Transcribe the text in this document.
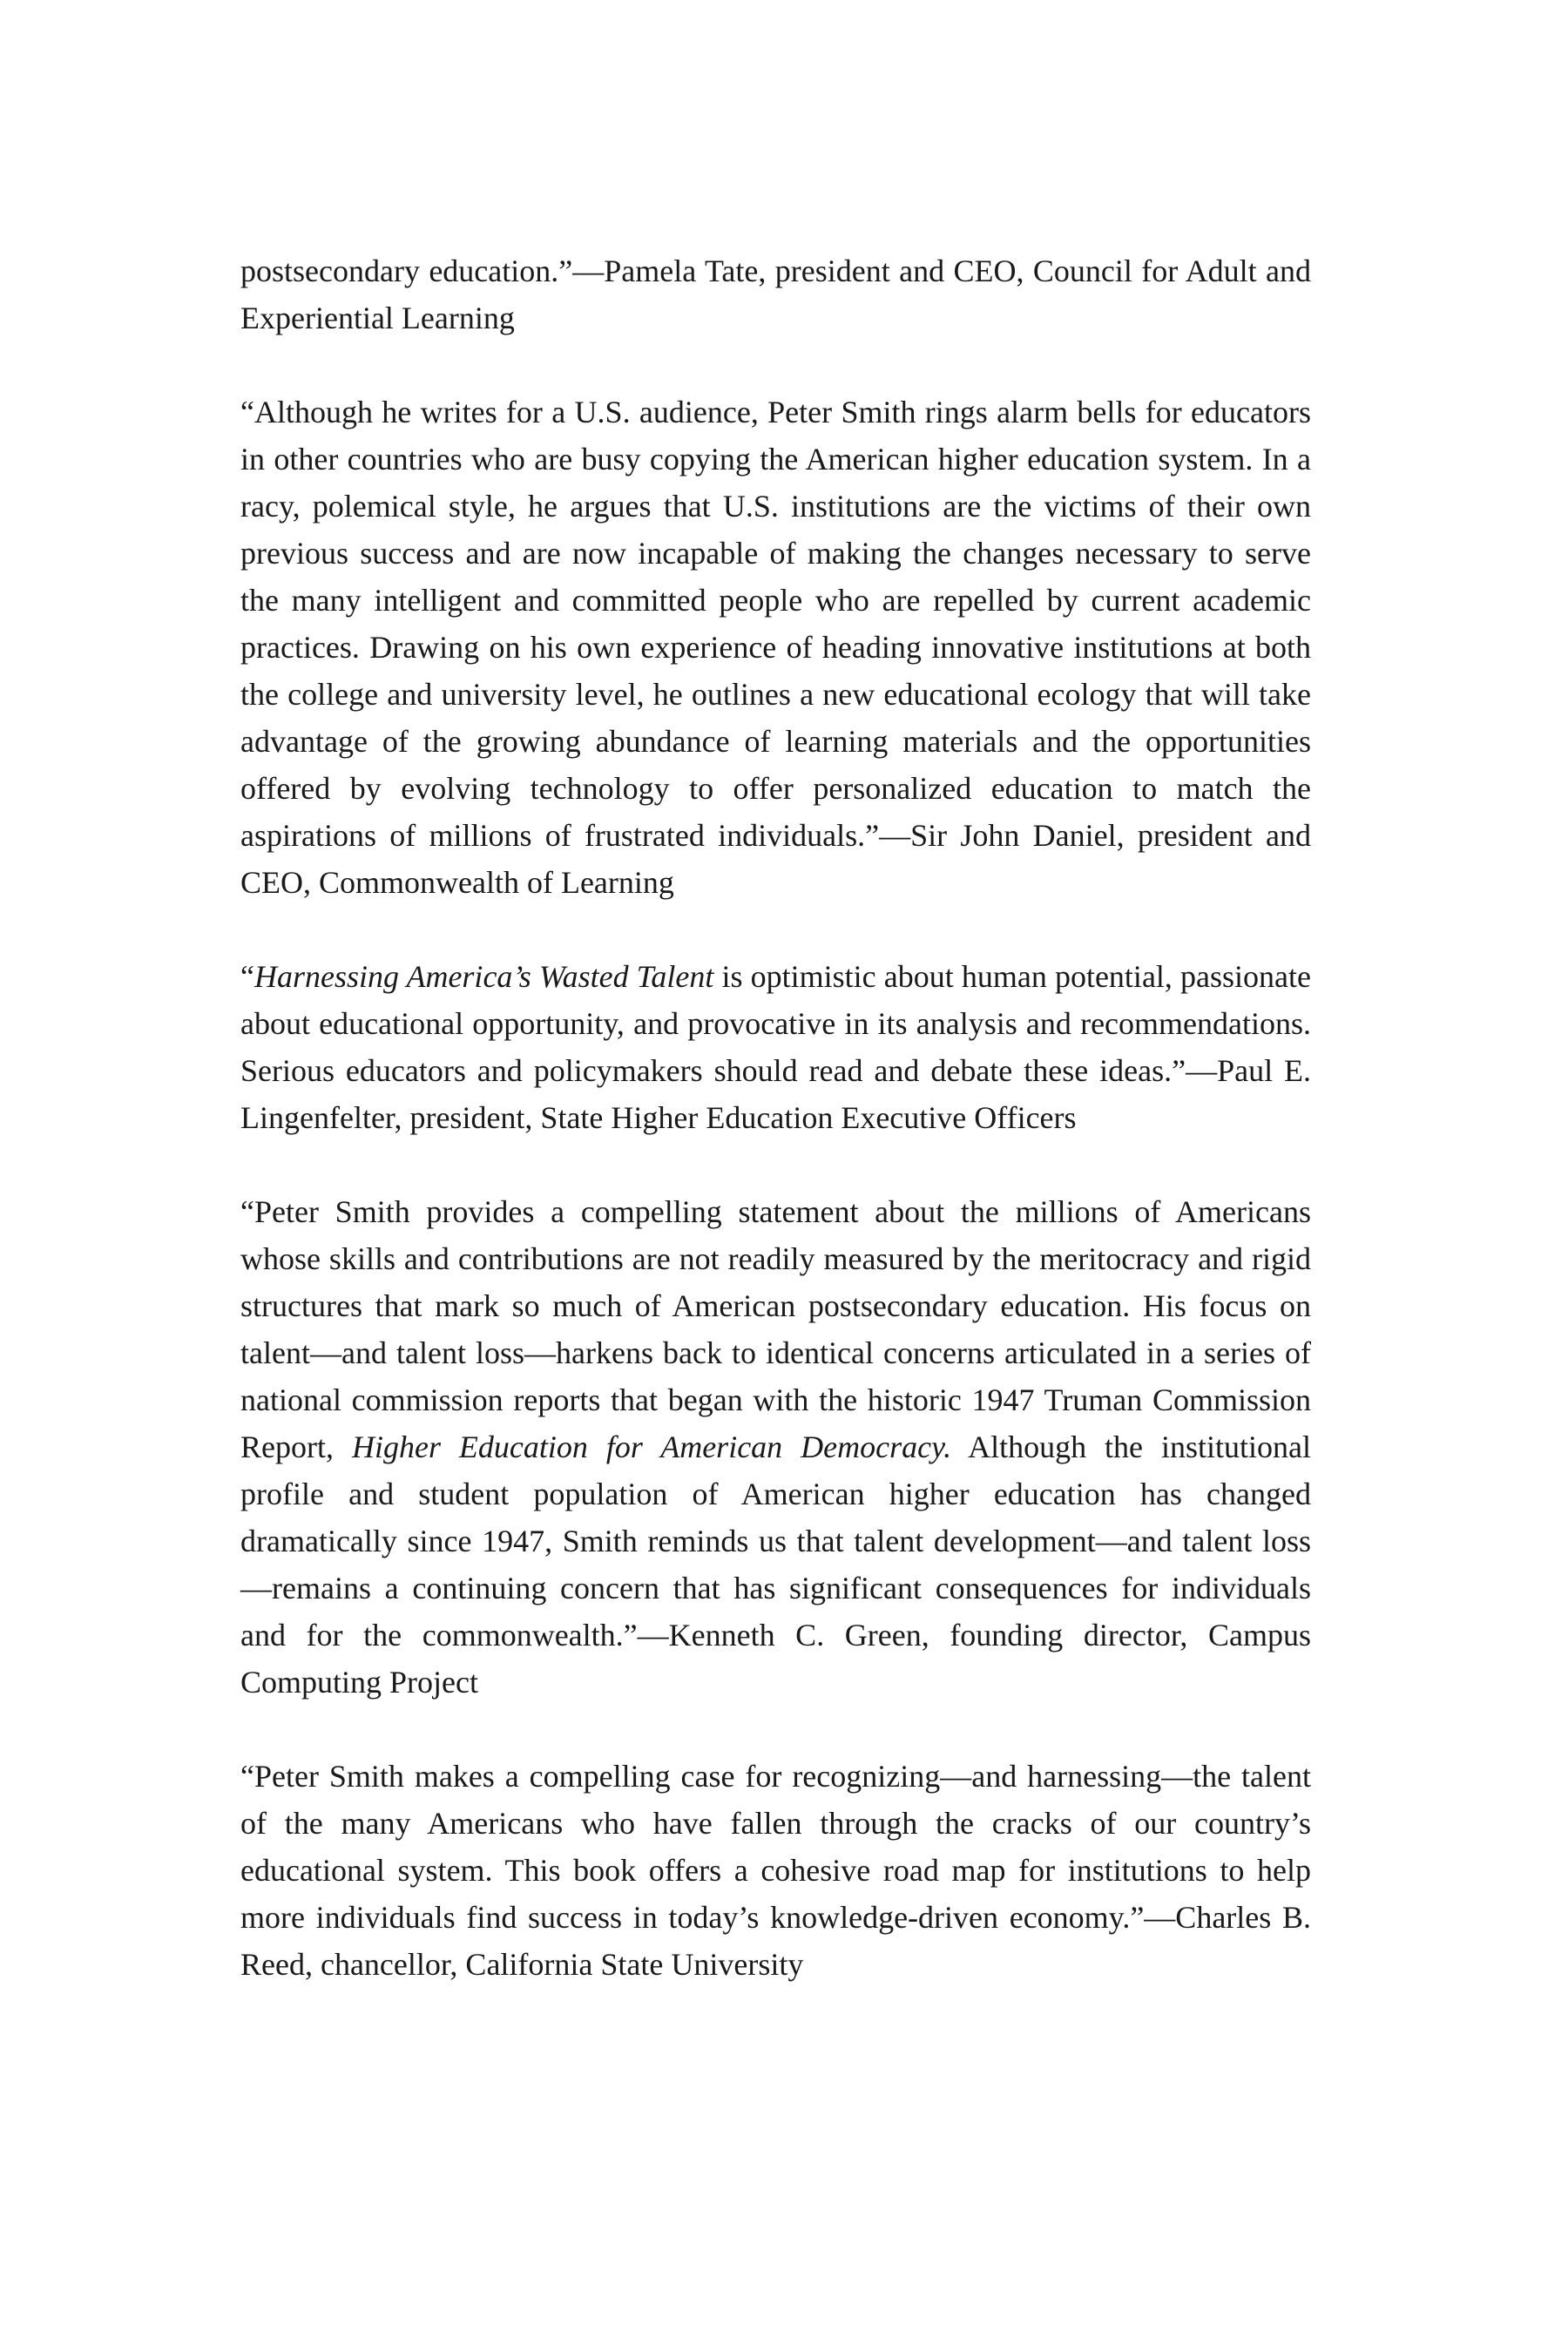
postsecondary education.”—Pamela Tate, president and CEO, Council for Adult and Experiential Learning

“Although he writes for a U.S. audience, Peter Smith rings alarm bells for educators in other countries who are busy copying the American higher education system. In a racy, polemical style, he argues that U.S. institutions are the victims of their own previous success and are now incapable of making the changes necessary to serve the many intelligent and committed people who are repelled by current academic practices. Drawing on his own experience of heading innovative institutions at both the college and university level, he outlines a new educational ecology that will take advantage of the growing abundance of learning materials and the opportunities offered by evolving technology to offer personalized education to match the aspirations of millions of frustrated individuals.”—Sir John Daniel, president and CEO, Commonwealth of Learning

“Harnessing America’s Wasted Talent is optimistic about human potential, passionate about educational opportunity, and provocative in its analysis and recommendations. Serious educators and policymakers should read and debate these ideas.”—Paul E. Lingenfelter, president, State Higher Education Executive Officers

“Peter Smith provides a compelling statement about the millions of Americans whose skills and contributions are not readily measured by the meritocracy and rigid structures that mark so much of American postsecondary education. His focus on talent—and talent loss—harkens back to identical concerns articulated in a series of national commission reports that began with the historic 1947 Truman Commission Report, Higher Education for American Democracy. Although the institutional profile and student population of American higher education has changed dramatically since 1947, Smith reminds us that talent development—and talent loss—remains a continuing concern that has significant consequences for individuals and for the commonwealth.”—Kenneth C. Green, founding director, Campus Computing Project

“Peter Smith makes a compelling case for recognizing—and harnessing—the talent of the many Americans who have fallen through the cracks of our country’s educational system. This book offers a cohesive road map for institutions to help more individuals find success in today’s knowledge-driven economy.”—Charles B. Reed, chancellor, California State University
